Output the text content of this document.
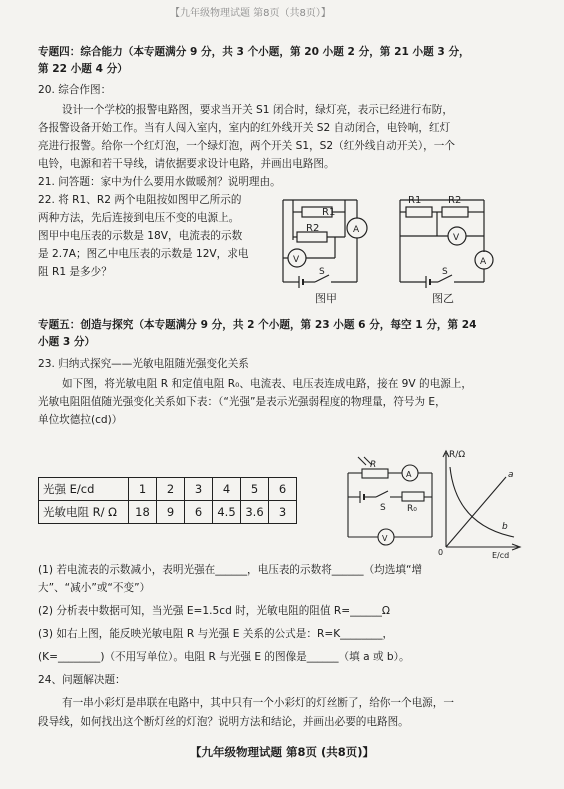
【九年级物理试题 第8页（共8页）】
专题四：综合能力（本专题满分 9 分，共 3 个小题，第 20 小题 2 分，第 21 小题 3 分，
第 22 小题 4 分）
20. 综合作图：
设计一个学校的报警电路图，要求当开关 S1 闭合时，绿灯亮，表示已经进行布防，
各报警设备开始工作。当有人闯入室内，室内的红外线开关 S2 自动闭合，电铃响，红灯
亮进行报警。给你一个红灯泡，一个绿灯泡，两个开关 S1，S2（红外线自动开关），一个
电铃，电源和若干导线，请依据要求设计电路，并画出电路图。
21. 问答题：家中为什么要用水做暖剂？说明理由。
22. 将 R1、R2 两个电阻按如图甲乙所示的
两种方法，先后连接到电压不变的电源上。
图甲中电压表的示数是 18V，电流表的示数
是 2.7A；图乙中电压表的示数是 12V，求电
阻 R1 是多少？
R1
R2	A
V
S
图甲
R1	R2
V
A
S
图乙
专题五：创造与探究（本专题满分 9 分，共 2 个小题，第 23 小题 6 分，每空 1 分，第 24
小题 3 分）
23. 归纳式探究——光敏电阻随光强变化关系
如下图，将光敏电阻 R 和定值电阻 R₀、电流表、电压表连成电路，接在 9V 的电源上，
光敏电阻阻值随光强变化关系如下表：（“光强”是表示光强弱程度的物理量，符号为 E，
单位坎德拉(cd)）
光强 E/cd	1	2	3	4	5	6
光敏电阻 R/ Ω	18	9	6	4.5	3.6	3
R
A
S R₀
V
R/Ω
E/cd
0
a
b
(1) 若电流表的示数减小，表明光强在______，电压表的示数将______（均选填“增
大”、“减小”或“不变”）
(2) 分析表中数据可知，当光强 E=1.5cd 时，光敏电阻的阻值 R=______Ω
(3) 如右上图，能反映光敏电阻 R 与光强 E 关系的公式是：R=K________，
(K=________)（不用写单位）。电阻 R 与光强 E 的图像是______（填 a 或 b）。
24、问题解决题：
有一串小彩灯是串联在电路中，其中只有一个小彩灯的灯丝断了，给你一个电源，一
段导线，如何找出这个断灯丝的灯泡？说明方法和结论，并画出必要的电路图。
【九年级物理试题 第8页 (共8页)】
